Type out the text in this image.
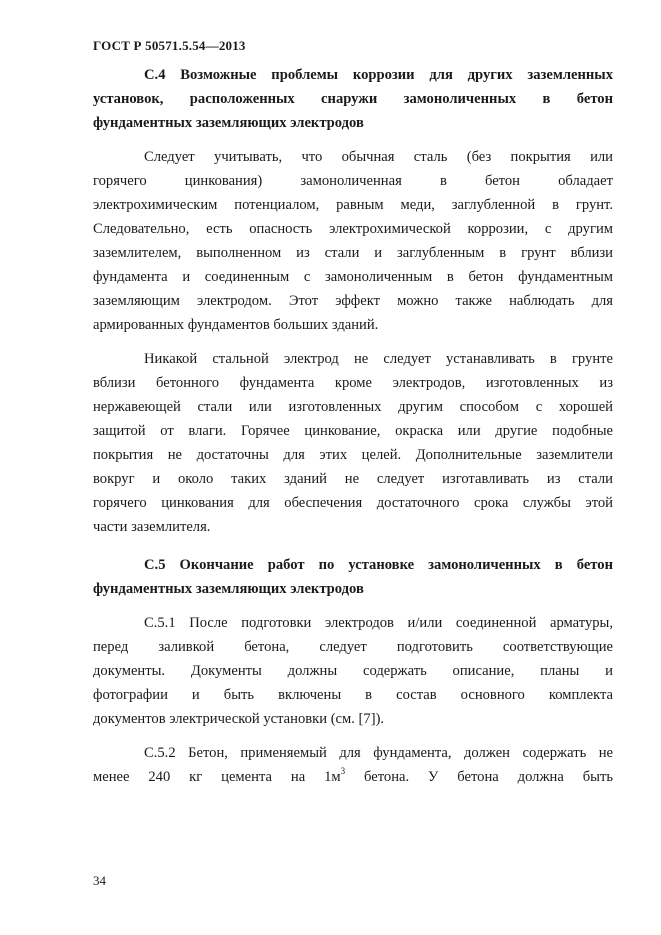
ГОСТ Р 50571.5.54—2013
С.4 Возможные проблемы коррозии для других заземленных
установок, расположенных снаружи замоноличенных в бетон
фундаментных заземляющих электродов
Следует учитывать, что обычная сталь (без покрытия или
горячего цинкования) замоноличенная в бетон обладает
электрохимическим потенциалом, равным меди, заглубленной в грунт.
Следовательно, есть опасность электрохимической коррозии, с другим
заземлителем, выполненном из стали и заглубленным в грунт вблизи
фундамента и соединенным с замоноличенным в бетон фундаментным
заземляющим электродом. Этот эффект можно также наблюдать для
армированных фундаментов больших зданий.
Никакой стальной электрод не следует устанавливать в грунте
вблизи бетонного фундамента кроме электродов, изготовленных из
нержавеющей стали или изготовленных другим способом с хорошей
защитой от влаги. Горячее цинкование, окраска или другие подобные
покрытия не достаточны для этих целей. Дополнительные заземлители
вокруг и около таких зданий не следует изготавливать из стали
горячего цинкования для обеспечения достаточного срока службы этой
части заземлителя.
С.5 Окончание работ по установке замоноличенных в бетон
фундаментных заземляющих электродов
С.5.1 После подготовки электродов и/или соединенной арматуры,
перед заливкой бетона, следует подготовить соответствующие
документы. Документы должны содержать описание, планы и
фотографии и быть включены в состав основного комплекта
документов электрической установки (см. [7]).
С.5.2 Бетон, применяемый для фундамента, должен содержать не
менее 240 кг цемента на $1м^3$ бетона. У бетона должна быть
34
